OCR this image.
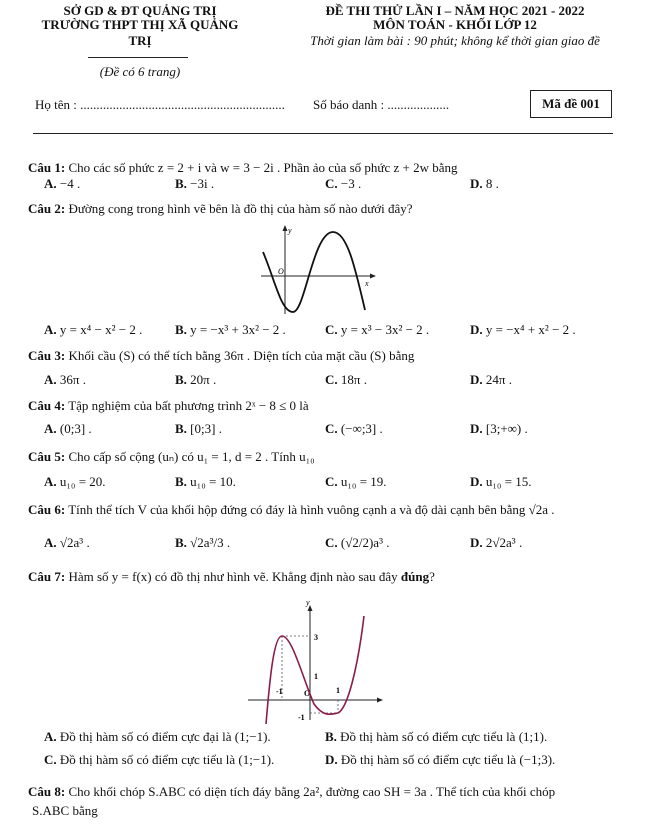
SỞ GD & ĐT QUẢNG TRỊ
TRƯỜNG THPT THỊ XÃ QUẢNG
TRỊ
(Đề có 6 trang)
ĐỀ THI THỬ LẦN I – NĂM HỌC 2021 - 2022
MÔN TOÁN - KHỐI LỚP 12
Thời gian làm bài : 90 phút; không kể thời gian giao đề
Họ tên : ............................................................... Số báo danh : ...................	Mã đề 001
Câu 1: Cho các số phức z = 2 + i và w = 3 − 2i . Phần ảo của số phức z + 2w bằng
A. −4 .	B. −3i .	C. −3 .	D. 8 .
Câu 2: Đường cong trong hình vẽ bên là đồ thị của hàm số nào dưới đây?
y
x
O
A. y = x⁴ − x² − 2 .	B. y = −x³ + 3x² − 2 .	C. y = x³ − 3x² − 2 .	D. y = −x⁴ + x² − 2 .
Câu 3: Khối cầu (S) có thể tích bằng 36π . Diện tích của mặt cầu (S) bằng
A. 36π .	B. 20π .	C. 18π .	D. 24π .
Câu 4: Tập nghiệm của bất phương trình 2ˣ − 8 ≤ 0 là
A. (0;3] .	B. [0;3] .	C. (−∞;3] .	D. [3;+∞) .
Câu 5: Cho cấp số cộng (uₙ) có u₁ = 1, d = 2 . Tính u₁₀
A. u₁₀ = 20.	B. u₁₀ = 10.	C. u₁₀ = 19.	D. u₁₀ = 15.
Câu 6: Tính thể tích V của khối hộp đứng có đáy là hình vuông cạnh a và độ dài cạnh bên bằng √2a .
A. √2a³ .	B. √2a³/3 .	C. (√2/2)a³ .	D. 2√2a³ .
Câu 7: Hàm số y = f(x) có đồ thị như hình vẽ. Khẳng định nào sau đây đúng?
y
O
3
1
-1	1
-1
A. Đồ thị hàm số có điểm cực đại là (1;−1).	B. Đồ thị hàm số có điểm cực tiểu là (1;1).
C. Đồ thị hàm số có điểm cực tiểu là (1;−1).	D. Đồ thị hàm số có điểm cực tiểu là (−1;3).
Câu 8: Cho khối chóp S.ABC có diện tích đáy bằng 2a², đường cao SH = 3a . Thể tích của khối chóp
S.ABC bằng
